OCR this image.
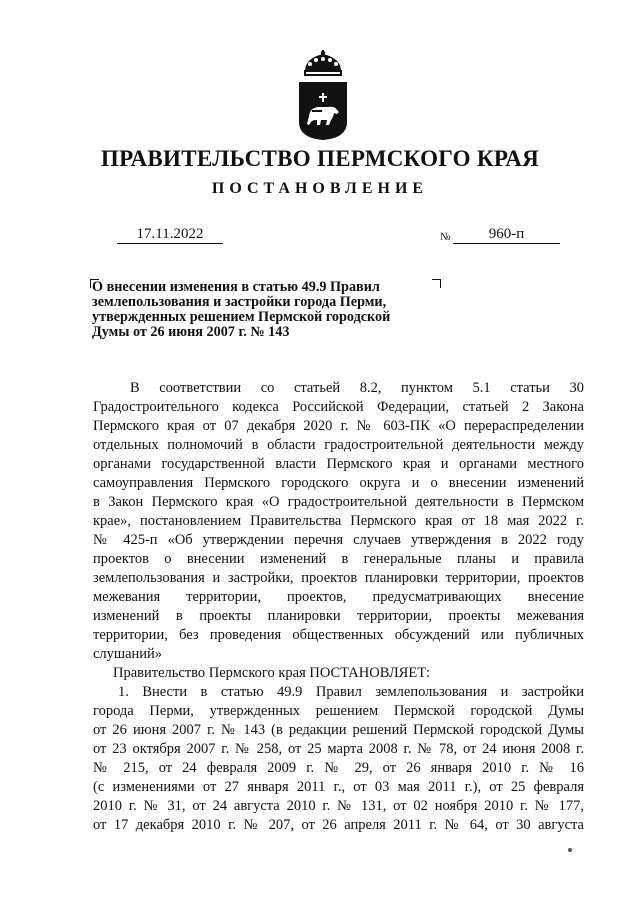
ПРАВИТЕЛЬСТВО ПЕРМСКОГО КРАЯ
ПОСТАНОВЛЕНИЕ
17.11.2022	№	960-п
О внесении изменения в статью 49.9 Правил
землепользования и застройки города Перми,
утвержденных решением Пермской городской
Думы от 26 июня 2007 г. № 143
В соответствии со статьей 8.2, пунктом 5.1 статьи 30
Градостроительного кодекса Российской Федерации, статьей 2 Закона
Пермского края от 07 декабря 2020 г. № 603-ПК «О перераспределении
отдельных полномочий в области градостроительной деятельности между
органами государственной власти Пермского края и органами местного
самоуправления Пермского городского округа и о внесении изменений
в Закон Пермского края «О градостроительной деятельности в Пермском
крае», постановлением Правительства Пермского края от 18 мая 2022 г.
№ 425-п «Об утверждении перечня случаев утверждения в 2022 году
проектов о внесении изменений в генеральные планы и правила
землепользования и застройки, проектов планировки территории, проектов
межевания территории, проектов, предусматривающих внесение
изменений в проекты планировки территории, проекты межевания
территории, без проведения общественных обсуждений или публичных
слушаний»
Правительство Пермского края ПОСТАНОВЛЯЕТ:
1. Внести в статью 49.9 Правил землепользования и застройки
города Перми, утвержденных решением Пермской городской Думы
от 26 июня 2007 г. № 143 (в редакции решений Пермской городской Думы
от 23 октября 2007 г. № 258, от 25 марта 2008 г. № 78, от 24 июня 2008 г.
№ 215, от 24 февраля 2009 г. № 29, от 26 января 2010 г. № 16
(с изменениями от 27 января 2011 г., от 03 мая 2011 г.), от 25 февраля
2010 г. № 31, от 24 августа 2010 г. № 131, от 02 ноября 2010 г. № 177,
от 17 декабря 2010 г. № 207, от 26 апреля 2011 г. № 64, от 30 августа
